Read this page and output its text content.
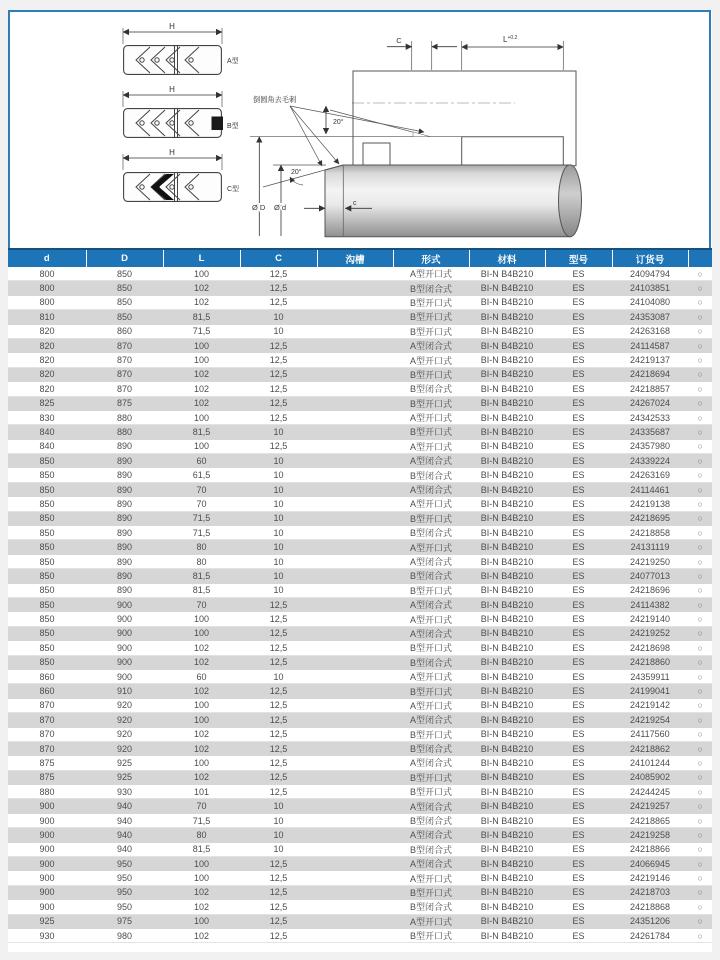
H
A型
H
B型
H
C型
C	$L^{+0.2}$
倒圆角去毛刺
20°
20°
Ø D Ø d	c
d	D	L	C	沟槽	形式	材料	型号	订货号	
800	850	100	12,5		A型开口式	BI-N B4B210	ES	24094794	○
800	850	102	12,5		B型闭合式	BI-N B4B210	ES	24103851	○
800	850	102	12,5		B型开口式	BI-N B4B210	ES	24104080	○
810	850	81,5	10		B型开口式	BI-N B4B210	ES	24353087	○
820	860	71,5	10		B型开口式	BI-N B4B210	ES	24263168	○
820	870	100	12,5		A型闭合式	BI-N B4B210	ES	24114587	○
820	870	100	12,5		A型开口式	BI-N B4B210	ES	24219137	○
820	870	102	12,5		B型开口式	BI-N B4B210	ES	24218694	○
820	870	102	12,5		B型闭合式	BI-N B4B210	ES	24218857	○
825	875	102	12,5		B型开口式	BI-N B4B210	ES	24267024	○
830	880	100	12,5		A型开口式	BI-N B4B210	ES	24342533	○
840	880	81,5	10		B型开口式	BI-N B4B210	ES	24335687	○
840	890	100	12,5		A型开口式	BI-N B4B210	ES	24357980	○
850	890	60	10		A型闭合式	BI-N B4B210	ES	24339224	○
850	890	61,5	10		B型闭合式	BI-N B4B210	ES	24263169	○
850	890	70	10		A型闭合式	BI-N B4B210	ES	24114461	○
850	890	70	10		A型开口式	BI-N B4B210	ES	24219138	○
850	890	71,5	10		B型开口式	BI-N B4B210	ES	24218695	○
850	890	71,5	10		B型闭合式	BI-N B4B210	ES	24218858	○
850	890	80	10		A型开口式	BI-N B4B210	ES	24131119	○
850	890	80	10		A型闭合式	BI-N B4B210	ES	24219250	○
850	890	81,5	10		B型闭合式	BI-N B4B210	ES	24077013	○
850	890	81,5	10		B型开口式	BI-N B4B210	ES	24218696	○
850	900	70	12,5		A型闭合式	BI-N B4B210	ES	24114382	○
850	900	100	12,5		A型开口式	BI-N B4B210	ES	24219140	○
850	900	100	12,5		A型闭合式	BI-N B4B210	ES	24219252	○
850	900	102	12,5		B型开口式	BI-N B4B210	ES	24218698	○
850	900	102	12,5		B型闭合式	BI-N B4B210	ES	24218860	○
860	900	60	10		A型开口式	BI-N B4B210	ES	24359911	○
860	910	102	12,5		B型开口式	BI-N B4B210	ES	24199041	○
870	920	100	12,5		A型开口式	BI-N B4B210	ES	24219142	○
870	920	100	12,5		A型闭合式	BI-N B4B210	ES	24219254	○
870	920	102	12,5		B型开口式	BI-N B4B210	ES	24117560	○
870	920	102	12,5		B型闭合式	BI-N B4B210	ES	24218862	○
875	925	100	12,5		A型闭合式	BI-N B4B210	ES	24101244	○
875	925	102	12,5		B型开口式	BI-N B4B210	ES	24085902	○
880	930	101	12,5		B型开口式	BI-N B4B210	ES	24244245	○
900	940	70	10		A型闭合式	BI-N B4B210	ES	24219257	○
900	940	71,5	10		B型闭合式	BI-N B4B210	ES	24218865	○
900	940	80	10		A型闭合式	BI-N B4B210	ES	24219258	○
900	940	81,5	10		B型闭合式	BI-N B4B210	ES	24218866	○
900	950	100	12,5		A型闭合式	BI-N B4B210	ES	24066945	○
900	950	100	12,5		A型开口式	BI-N B4B210	ES	24219146	○
900	950	102	12,5		B型开口式	BI-N B4B210	ES	24218703	○
900	950	102	12,5		B型闭合式	BI-N B4B210	ES	24218868	○
925	975	100	12,5		A型开口式	BI-N B4B210	ES	24351206	○
930	980	102	12,5		B型开口式	BI-N B4B210	ES	24261784	○
